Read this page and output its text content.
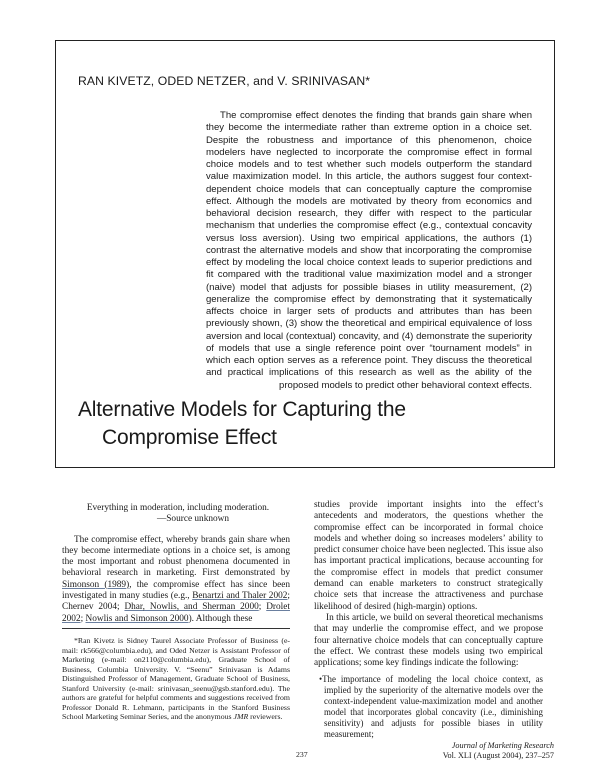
RAN KIVETZ, ODED NETZER, and V. SRINIVASAN*

The compromise effect denotes the finding that brands gain share when they become the intermediate rather than extreme option in a choice set. Despite the robustness and importance of this phenomenon, choice modelers have neglected to incorporate the compromise effect in formal choice models and to test whether such models outperform the standard value maximization model. In this article, the authors suggest four context-dependent choice models that can conceptually capture the compromise effect. Although the models are motivated by theory from economics and behavioral decision research, they differ with respect to the particular mechanism that underlies the compromise effect (e.g., contextual concavity versus loss aversion). Using two empirical applications, the authors (1) contrast the alternative models and show that incorporating the compromise effect by modeling the local choice context leads to superior predictions and fit compared with the traditional value maximization model and a stronger (naive) model that adjusts for possible biases in utility measurement, (2) generalize the compromise effect by demonstrating that it systematically affects choice in larger sets of products and attributes than has been previously shown, (3) show the theoretical and empirical equivalence of loss aversion and local (contextual) concavity, and (4) demonstrate the superiority of models that use a single reference point over “tournament models” in which each option serves as a reference point. They discuss the theoretical and practical implications of this research as well as the ability of the proposed models to predict other behavioral context effects.

Alternative Models for Capturing the
Compromise Effect

Everything in moderation, including moderation.

—Source unknown

The compromise effect, whereby brands gain share when they become intermediate options in a choice set, is among the most important and robust phenomena documented in behavioral research in marketing. First demonstrated by Simonson (1989), the compromise effect has since been investigated in many studies (e.g., Benartzi and Thaler 2002; Chernev 2004; Dhar, Nowlis, and Sherman 2000; Drolet 2002; Nowlis and Simonson 2000). Although these

*Ran Kivetz is Sidney Taurel Associate Professor of Business (e-mail: rk566@columbia.edu), and Oded Netzer is Assistant Professor of Marketing (e-mail: on2110@columbia.edu), Graduate School of Business, Columbia University. V. “Seenu” Srinivasan is Adams Distinguished Professor of Management, Graduate School of Business, Stanford University (e-mail: srinivasan_seenu@gsb.stanford.edu). The authors are grateful for helpful comments and suggestions received from Professor Donald R. Lehmann, participants in the Stanford Business School Marketing Seminar Series, and the anonymous JMR reviewers.

studies provide important insights into the effect’s antecedents and moderators, the questions whether the compromise effect can be incorporated in formal choice models and whether doing so increases modelers’ ability to predict consumer choice have been neglected. This issue also has important practical implications, because accounting for the compromise effect in models that predict consumer demand can enable marketers to construct strategically choice sets that increase the attractiveness and purchase likelihood of desired (high-margin) options.

In this article, we build on several theoretical mechanisms that may underlie the compromise effect, and we propose four alternative choice models that can conceptually capture the effect. We contrast these models using two empirical applications; some key findings indicate the following:

•The importance of modeling the local choice context, as implied by the superiority of the alternative models over the context-independent value-maximization model and another model that incorporates global concavity (i.e., diminishing sensitivity) and adjusts for possible biases in utility measurement;

237
Journal of Marketing Research
Vol. XLI (August 2004), 237–257
